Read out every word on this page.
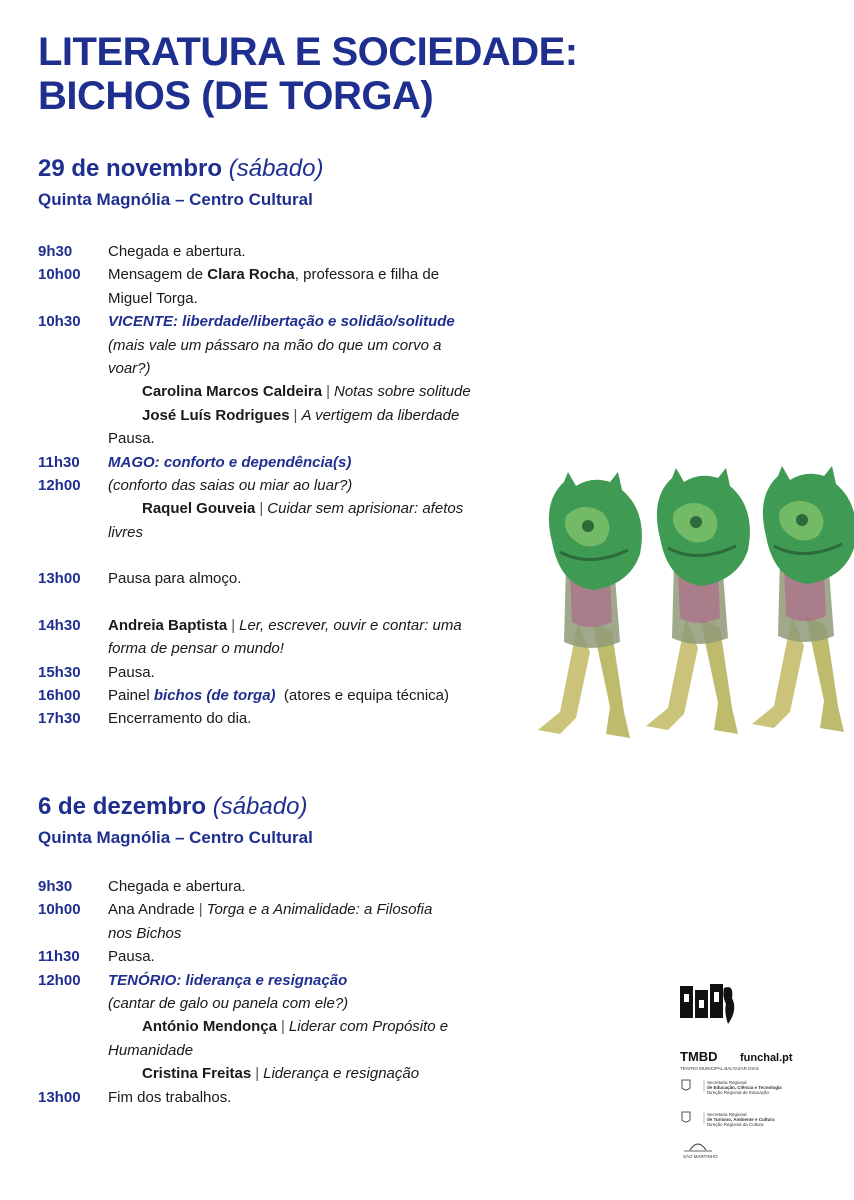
LITERATURA E SOCIEDADE:
BICHOS (DE TORGA)
29 de novembro (sábado)
Quinta Magnólia – Centro Cultural
9h30	Chegada e abertura.
10h00	Mensagem de Clara Rocha, professora e filha de
Miguel Torga.
10h30	VICENTE: liberdade/libertação e solidão/solitude
(mais vale um pássaro na mão do que um corvo a
voar?)
Carolina Marcos Caldeira | Notas sobre solitude
José Luís Rodrigues | A vertigem da liberdade
Pausa.
11h30	MAGO: conforto e dependência(s)
12h00	(conforto das saias ou miar ao luar?)
Raquel Gouveia | Cuidar sem aprisionar: afetos
livres
13h00	Pausa para almoço.
14h30	Andreia Baptista | Ler, escrever, ouvir e contar: uma
forma de pensar o mundo!
15h30	Pausa.
16h00	Painel bichos (de torga) (atores e equipa técnica)
17h30	Encerramento do dia.
6 de dezembro (sábado)
Quinta Magnólia – Centro Cultural
9h30	Chegada e abertura.
10h00	Ana Andrade | Torga e a Animalidade: a Filosofia
nos Bichos
11h30	Pausa.
12h00	TENÓRIO: liderança e resignação
(cantar de galo ou panela com ele?)
António Mendonça | Liderar com Propósito e
Humanidade
Cristina Freitas | Liderança e resignação
13h00	Fim dos trabalhos.
TMBD
TEATRO MUNICIPAL BALTAZAR DIAS
funchal.pt
Secretaria Regional
de Educação, Ciência e Tecnologia
Direção Regional de Educação
Secretaria Regional
de Turismo, Ambiente e Cultura
Direção Regional da Cultura
SÃO MARTINHO
